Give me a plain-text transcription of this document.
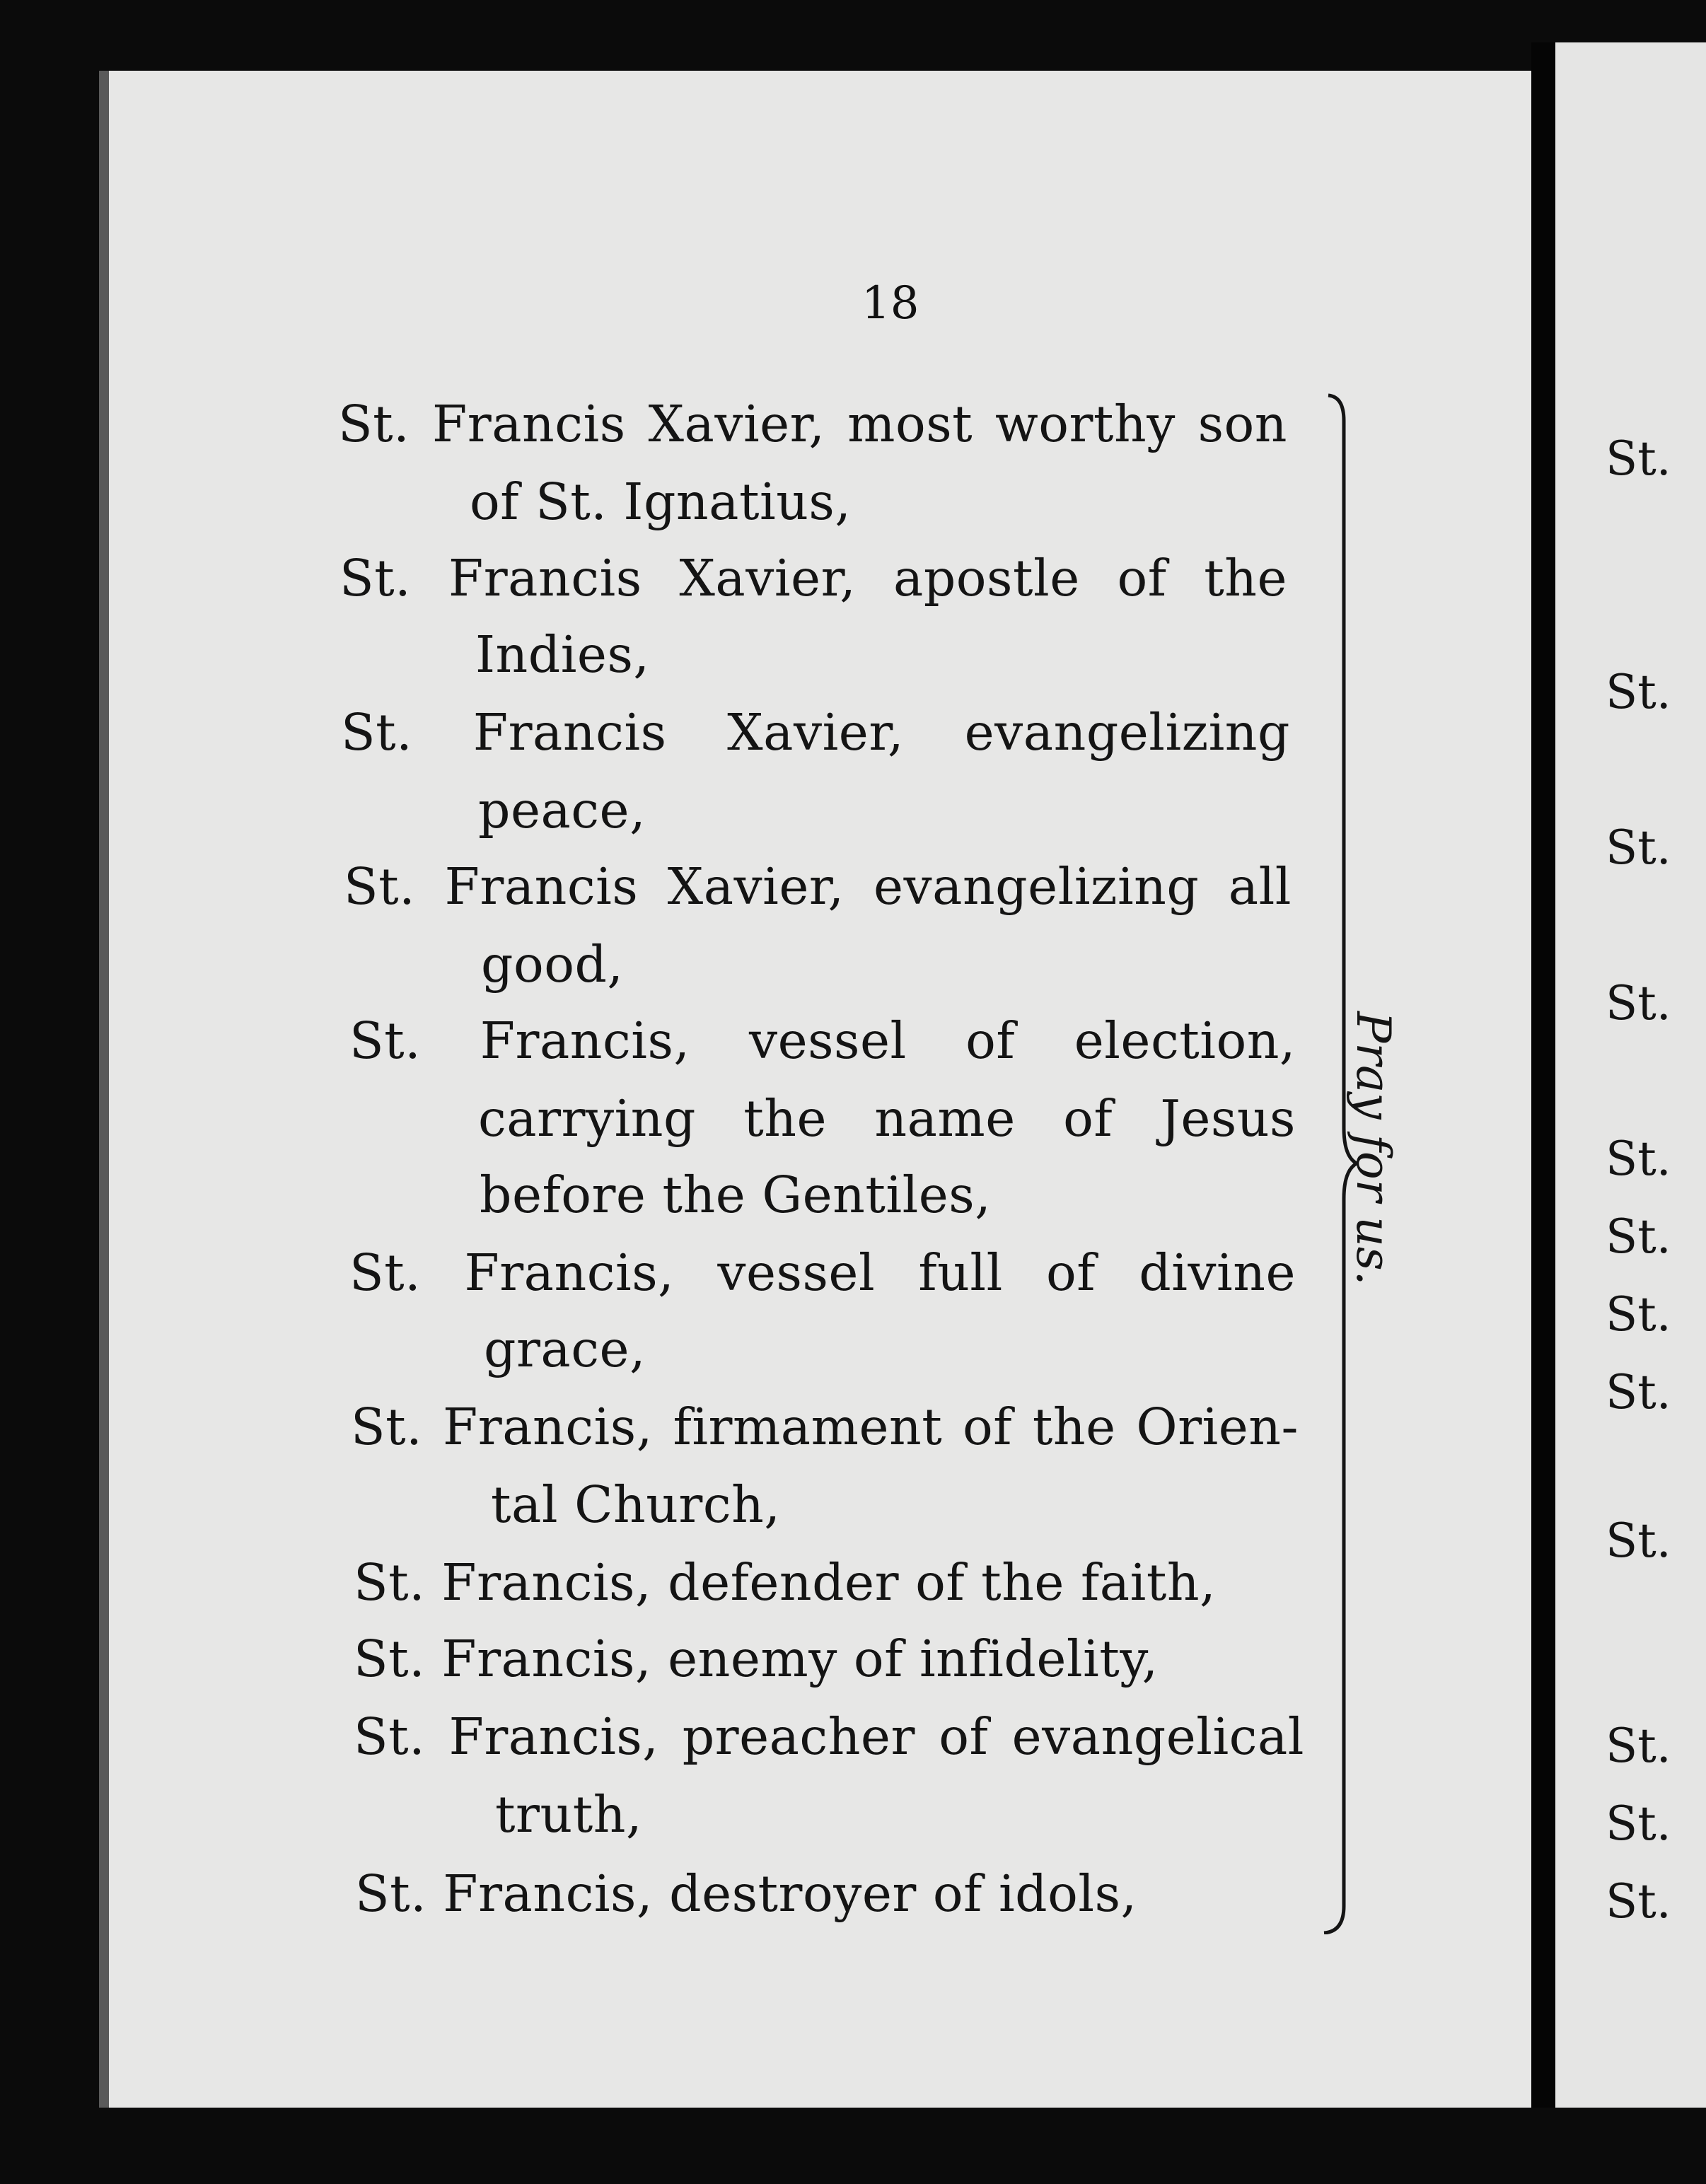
18
St. Francis Xavier, most worthy son
of St. Ignatius,
St. Francis Xavier, apostle of the
Indies,
St. Francis Xavier, evangelizing
peace,
St. Francis Xavier, evangelizing all
good,
St. Francis, vessel of election,
carrying the name of Jesus
before the Gentiles,
St. Francis, vessel full of divine
grace,
St. Francis, firmament of the Orien-
tal Church,
St. Francis, defender of the faith,
St. Francis, enemy of infidelity,
St. Francis, preacher of evangelical
truth,
St. Francis, destroyer of idols,
Pray for us.
St.
St.
St.
St.
St.
St.
St.
St.
St.
St.
St.
St.
